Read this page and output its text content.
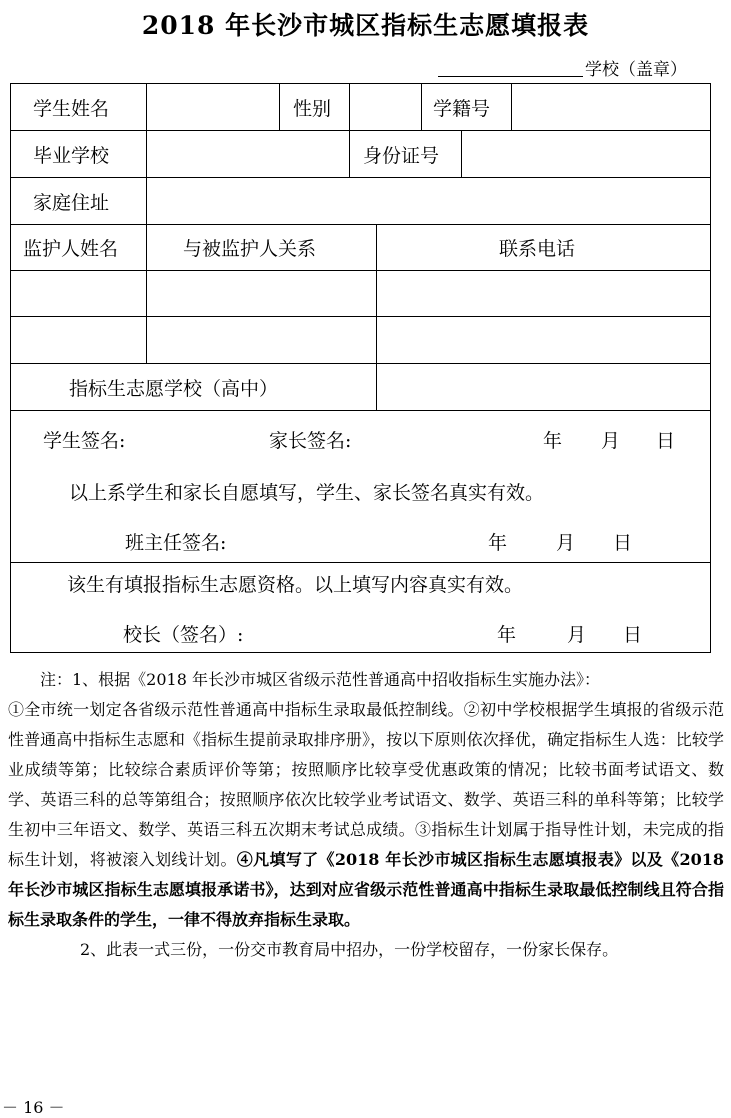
2018 年长沙市城区指标生志愿填报表
学校（盖章）
学生姓名	性别	学籍号
毕业学校	身份证号
家庭住址
监护人姓名	与被监护人关系	联系电话
指标生志愿学校（高中）
学生签名:	家长签名:	年 月 日
以上系学生和家长自愿填写，学生、家长签名真实有效。
班主任签名:	年	月 日
该生有填报指标生志愿资格。以上填写内容真实有效。
校长（签名）:	年	月 日

注：1、根据《2018 年长沙市城区省级示范性普通高中招收指标生实施办法》：

①全市统一划定各省级示范性普通高中指标生录取最低控制线。②初中学校根据学生填报的省级示范性普通高中指标生志愿和《指标生提前录取排序册》，按以下原则依次择优，确定指标生人选：比较学业成绩等第；比较综合素质评价等第；按照顺序比较享受优惠政策的情况；比较书面考试语文、数学、英语三科的总等第组合；按照顺序依次比较学业考试语文、数学、英语三科的单科等第；比较学生初中三年语文、数学、英语三科五次期末考试总成绩。③指标生计划属于指导性计划，未完成的指标生计划，将被滚入划线计划。④凡填写了《2018 年长沙市城区指标生志愿填报表》以及《2018 年长沙市城区指标生志愿填报承诺书》，达到对应省级示范性普通高中指标生录取最低控制线且符合指标生录取条件的学生，一律不得放弃指标生录取。

2、此表一式三份，一份交市教育局中招办，一份学校留存，一份家长保存。

－ 16 －
